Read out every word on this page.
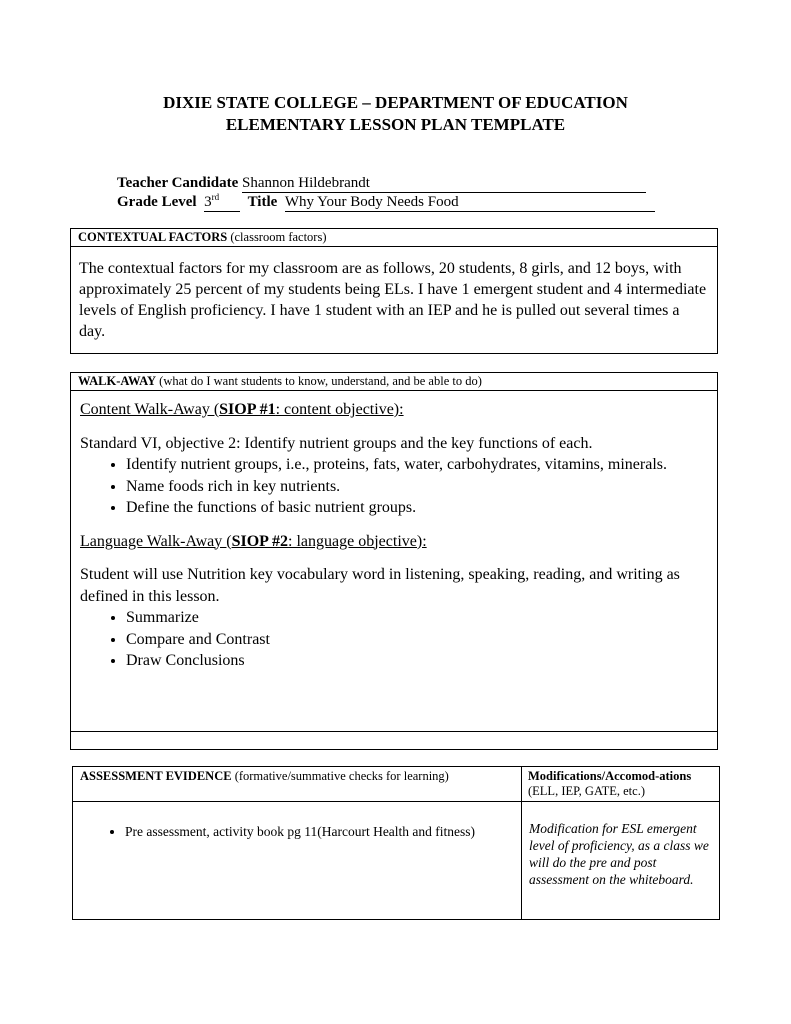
DIXIE STATE COLLEGE – DEPARTMENT OF EDUCATION
ELEMENTARY LESSON PLAN TEMPLATE
Teacher Candidate Shannon Hildebrandt
Grade Level 3rd Title Why Your Body Needs Food
CONTEXTUAL FACTORS (classroom factors)
The contextual factors for my classroom are as follows, 20 students, 8 girls, and 12 boys, with approximately 25 percent of my students being ELs. I have 1 emergent student and 4 intermediate levels of English proficiency. I have 1 student with an IEP and he is pulled out several times a day.
WALK-AWAY (what do I want students to know, understand, and be able to do)
Content Walk-Away (SIOP #1: content objective):
Standard VI, objective 2: Identify nutrient groups and the key functions of each.
• Identify nutrient groups, i.e., proteins, fats, water, carbohydrates, vitamins, minerals.
• Name foods rich in key nutrients.
• Define the functions of basic nutrient groups.
Language Walk-Away (SIOP #2: language objective):
Student will use Nutrition key vocabulary word in listening, speaking, reading, and writing as defined in this lesson.
• Summarize
• Compare and Contrast
• Draw Conclusions
ASSESSMENT EVIDENCE (formative/summative checks for learning)	Modifications/Accomod-ations
(ELL, IEP, GATE, etc.)
• Pre assessment, activity book pg 11(Harcourt Health and fitness)	Modification for ESL emergent level of proficiency, as a class we will do the pre and post assessment on the whiteboard.
